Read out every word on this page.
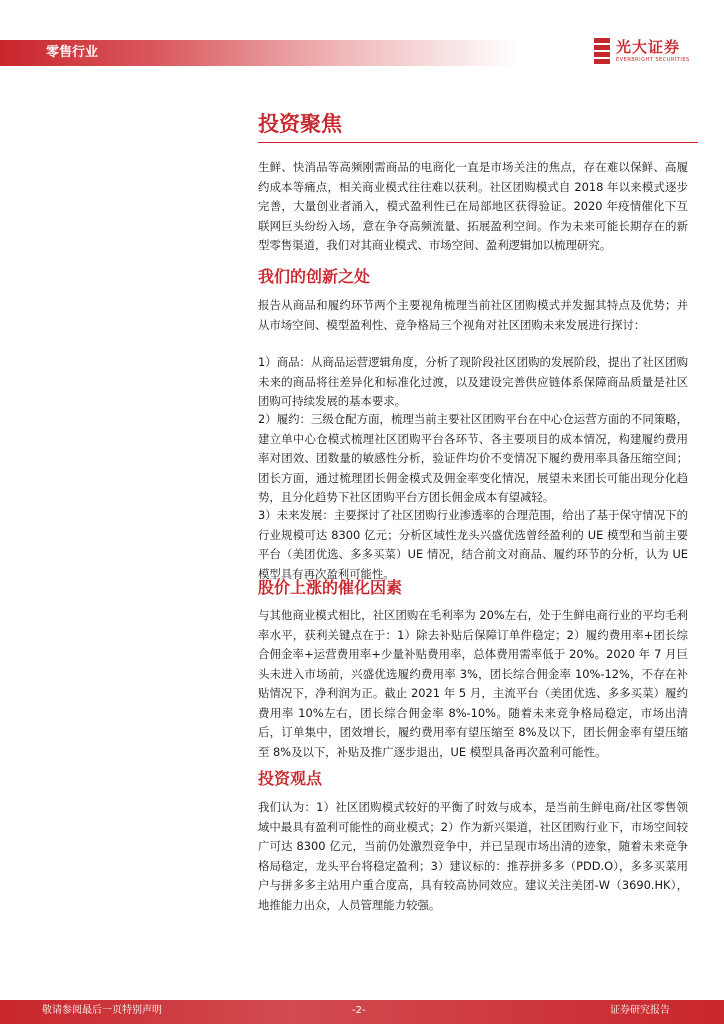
零售行业	光大证券
EVERBRIGHT SECURITIES
投资聚焦

生鲜、快消品等高频刚需商品的电商化一直是市场关注的焦点，存在难以保鲜、高履约成本等痛点，相关商业模式往往难以获利。社区团购模式自 2018 年以来模式逐步完善，大量创业者涌入，模式盈利性已在局部地区获得验证。2020 年疫情催化下互联网巨头纷纷入场，意在争夺高频流量、拓展盈利空间。作为未来可能长期存在的新型零售渠道，我们对其商业模式、市场空间、盈利逻辑加以梳理研究。

我们的创新之处

报告从商品和履约环节两个主要视角梳理当前社区团购模式并发掘其特点及优势；并从市场空间、模型盈利性、竞争格局三个视角对社区团购未来发展进行探讨：

1）商品：从商品运营逻辑角度，分析了现阶段社区团购的发展阶段，提出了社区团购未来的商品将往差异化和标准化过渡，以及建设完善供应链体系保障商品质量是社区团购可持续发展的基本要求。

2）履约：三级仓配方面，梳理当前主要社区团购平台在中心仓运营方面的不同策略，建立单中心仓模式梳理社区团购平台各环节、各主要项目的成本情况，构建履约费用率对团效、团数量的敏感性分析，验证件均价不变情况下履约费用率具备压缩空间；团长方面，通过梳理团长佣金模式及佣金率变化情况，展望未来团长可能出现分化趋势，且分化趋势下社区团购平台方团长佣金成本有望减轻。

3）未来发展：主要探讨了社区团购行业渗透率的合理范围，给出了基于保守情况下的行业规模可达 8300 亿元；分析区域性龙头兴盛优选曾经盈利的 UE 模型和当前主要平台（美团优选、多多买菜）UE 情况，结合前文对商品、履约环节的分析，认为 UE 模型具有再次盈利可能性。

股价上涨的催化因素

与其他商业模式相比，社区团购在毛利率为 20%左右，处于生鲜电商行业的平均毛利率水平，获利关键点在于：1）除去补贴后保障订单件稳定；2）履约费用率+团长综合佣金率+运营费用率+少量补贴费用率，总体费用需率低于 20%。2020 年 7 月巨头未进入市场前，兴盛优选履约费用率 3%，团长综合佣金率 10%-12%，不存在补贴情况下，净利润为正。截止 2021 年 5 月，主流平台（美团优选、多多买菜）履约费用率 10%左右，团长综合佣金率 8%-10%。随着未来竞争格局稳定，市场出清后，订单集中，团效增长，履约费用率有望压缩至 8%及以下，团长佣金率有望压缩至 8%及以下，补贴及推广逐步退出，UE 模型具备再次盈利可能性。

投资观点

我们认为：1）社区团购模式较好的平衡了时效与成本，是当前生鲜电商/社区零售领域中最具有盈利可能性的商业模式；2）作为新兴渠道，社区团购行业下，市场空间较广可达 8300 亿元，当前仍处激烈竞争中，并已呈现市场出清的迹象，随着未来竞争格局稳定，龙头平台将稳定盈利；3）建议标的：推荐拼多多（PDD.O），多多买菜用户与拼多多主站用户重合度高，具有较高协同效应。建议关注美团-W（3690.HK），地推能力出众，人员管理能力较强。

敬请参阅最后一页特别声明	-2-	证券研究报告
